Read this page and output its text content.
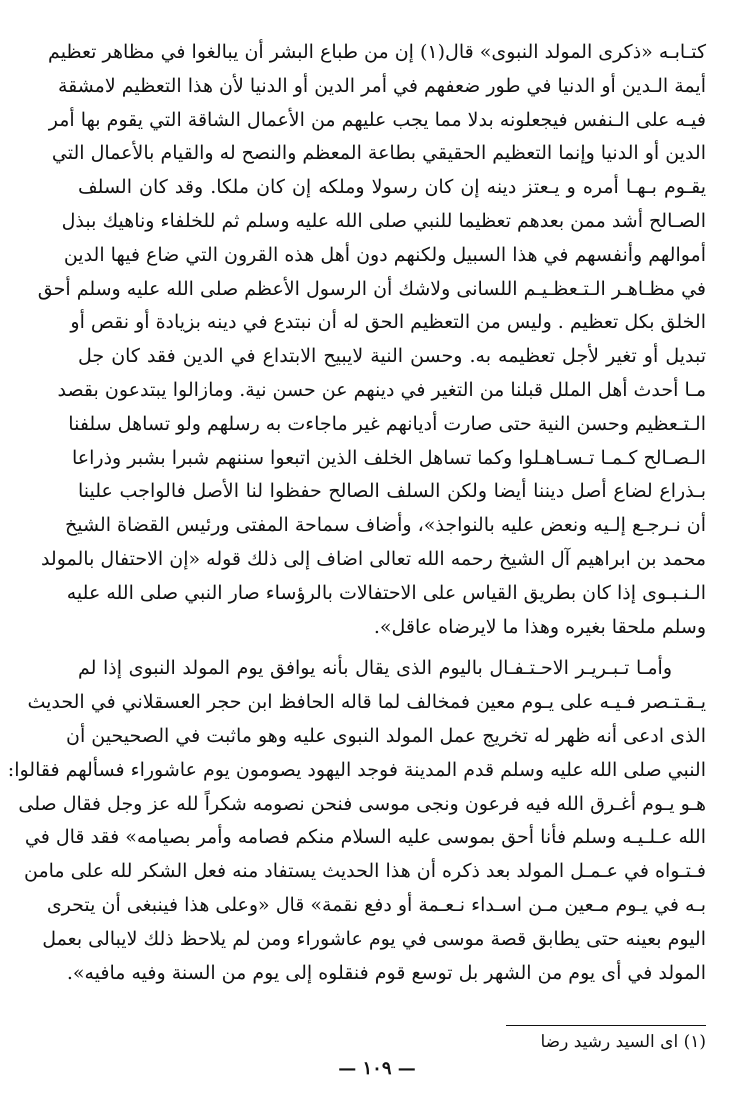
كتـابـه «ذكرى المولد النبوى» قال(١) إن من طباع البشر أن يبالغوا في مظاهر تعظيم
أيمة الـدين أو الدنيا في طور ضعفهم في أمر الدين أو الدنيا لأن هذا التعظيم لامشقة
فيـه على الـنفس فيجعلونه بدلا مما يجب عليهم من الأعمال الشاقة التي يقوم بها أمر
الدين أو الدنيا وإنما التعظيم الحقيقي بطاعة المعظم والنصح له والقيام بالأعمال التي
يقـوم بـهـا أمره و يـعتز دينه إن كان رسولا وملكه إن كان ملكا. وقد كان السلف
الصـالح أشد ممن بعدهم تعظيما للنبي صلى الله عليه وسلم ثم للخلفاء وناهيك ببذل
أموالهم وأنفسهم في هذا السبيل ولكنهم دون أهل هذه القرون التي ضاع فيها الدين
في مظـاهـر الـتـعظـيـم اللسانى ولاشك أن الرسول الأعظم صلى الله عليه وسلم أحق
الخلق بكل تعظيم . وليس من التعظيم الحق له أن نبتدع في دينه بزيادة أو نقص أو
تبديل أو تغير لأجل تعظيمه به. وحسن النية لايبيح الابتداع في الدين فقد كان جل
مـا أحدث أهل الملل قبلنا من التغير في دينهم عن حسن نية. ومازالوا يبتدعون بقصد
الـتـعظيم وحسن النية حتى صارت أديانهم غير ماجاءت به رسلهم ولو تساهل سلفنا
الـصـالح كـمـا تـسـاهـلوا وكما تساهل الخلف الذين اتبعوا سننهم شبرا بشبر وذراعا
بـذراع لضاع أصل ديننا أيضا ولكن السلف الصالح حفظوا لنا الأصل فالواجب علينا
أن نـرجـع إلـيه ونعض عليه بالنواجذ»، وأضاف سماحة المفتى ورئيس القضاة الشيخ
محمد بن ابراهيم آل الشيخ رحمه الله تعالى اضاف إلى ذلك قوله «إن الاحتفال بالمولد
الـنـبـوى إذا كان بطريق القياس على الاحتفالات بالرؤساء صار النبي صلى الله عليه
وسلم ملحقا بغيره وهذا ما لايرضاه عاقل».
وأمـا تـبـريـر الاحـتـفـال باليوم الذى يقال بأنه يوافق يوم المولد النبوى إذا لم
يـقـتـصر فـيـه على يـوم معين فمخالف لما قاله الحافظ ابن حجر العسقلاني في الحديث
الذى ادعى أنه ظهر له تخريج عمل المولد النبوى عليه وهو ماثبت في الصحيحين أن
النبي صلى الله عليه وسلم قدم المدينة فوجد اليهود يصومون يوم عاشوراء فسألهم فقالوا:
هـو يـوم أغـرق الله فيه فرعون ونجى موسى فنحن نصومه شكراً لله عز وجل فقال صلى
الله عـلـيـه وسلم فأنا أحق بموسى عليه السلام منكم فصامه وأمر بصيامه» فقد قال في
فـتـواه في عـمـل المولد بعد ذكره أن هذا الحديث يستفاد منه فعل الشكر لله على مامن
بـه في يـوم مـعين مـن اسـداء نـعـمة أو دفع نقمة» قال «وعلى هذا فينبغى أن يتحرى
اليوم بعينه حتى يطابق قصة موسى في يوم عاشوراء ومن لم يلاحظ ذلك لايبالى بعمل
المولد في أى يوم من الشهر بل توسع قوم فنقلوه إلى يوم من السنة وفيه مافيه».
(١) اى السيد رشيد رضا
— ١٠٩ —
